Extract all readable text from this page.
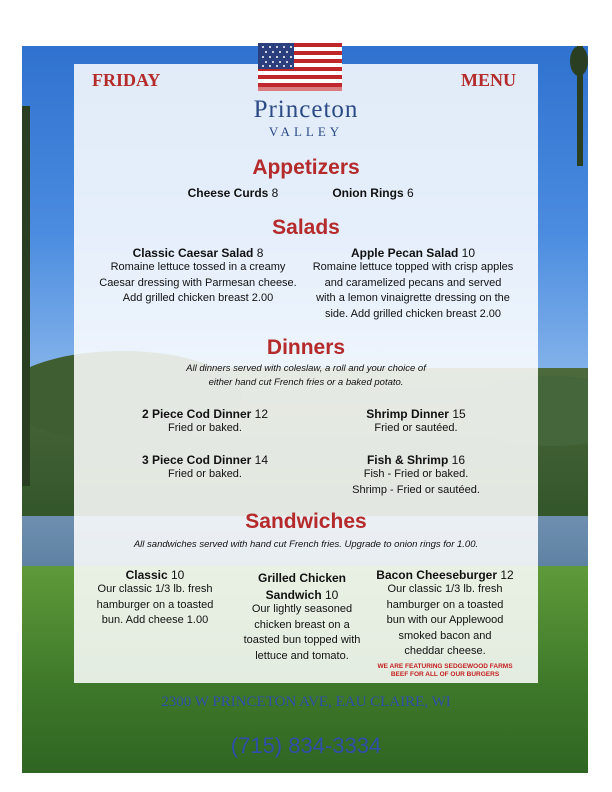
FRIDAY	MENU
Princeton
VALLEY
Appetizers
Cheese Curds 8	Onion Rings 6
Salads
Classic Caesar Salad 8
Romaine lettuce tossed in a creamy
Caesar dressing with Parmesan cheese.
Add grilled chicken breast 2.00
Apple Pecan Salad 10
Romaine lettuce topped with crisp apples
and caramelized pecans and served
with a lemon vinaigrette dressing on the
side. Add grilled chicken breast 2.00
Dinners
All dinners served with coleslaw, a roll and your choice of
either hand cut French fries or a baked potato.
2 Piece Cod Dinner 12
Fried or baked.
Shrimp Dinner 15
Fried or sautéed.
3 Piece Cod Dinner 14
Fried or baked.
Fish & Shrimp 16
Fish - Fried or baked.
Shrimp - Fried or sautéed.
Sandwiches
All sandwiches served with hand cut French fries. Upgrade to onion rings for 1.00.
Classic 10
Our classic 1/3 lb. fresh
hamburger on a toasted
bun. Add cheese 1.00
Grilled Chicken
Sandwich 10
Our lightly seasoned
chicken breast on a
toasted bun topped with
lettuce and tomato.
Bacon Cheeseburger 12
Our classic 1/3 lb. fresh
hamburger on a toasted
bun with our Applewood
smoked bacon and
cheddar cheese.
WE ARE FEATURING SEDGEWOOD FARMS
BEEF FOR ALL OF OUR BURGERS
2300 W PRINCETON AVE, EAU CLAIRE, WI
(715) 834-3334
